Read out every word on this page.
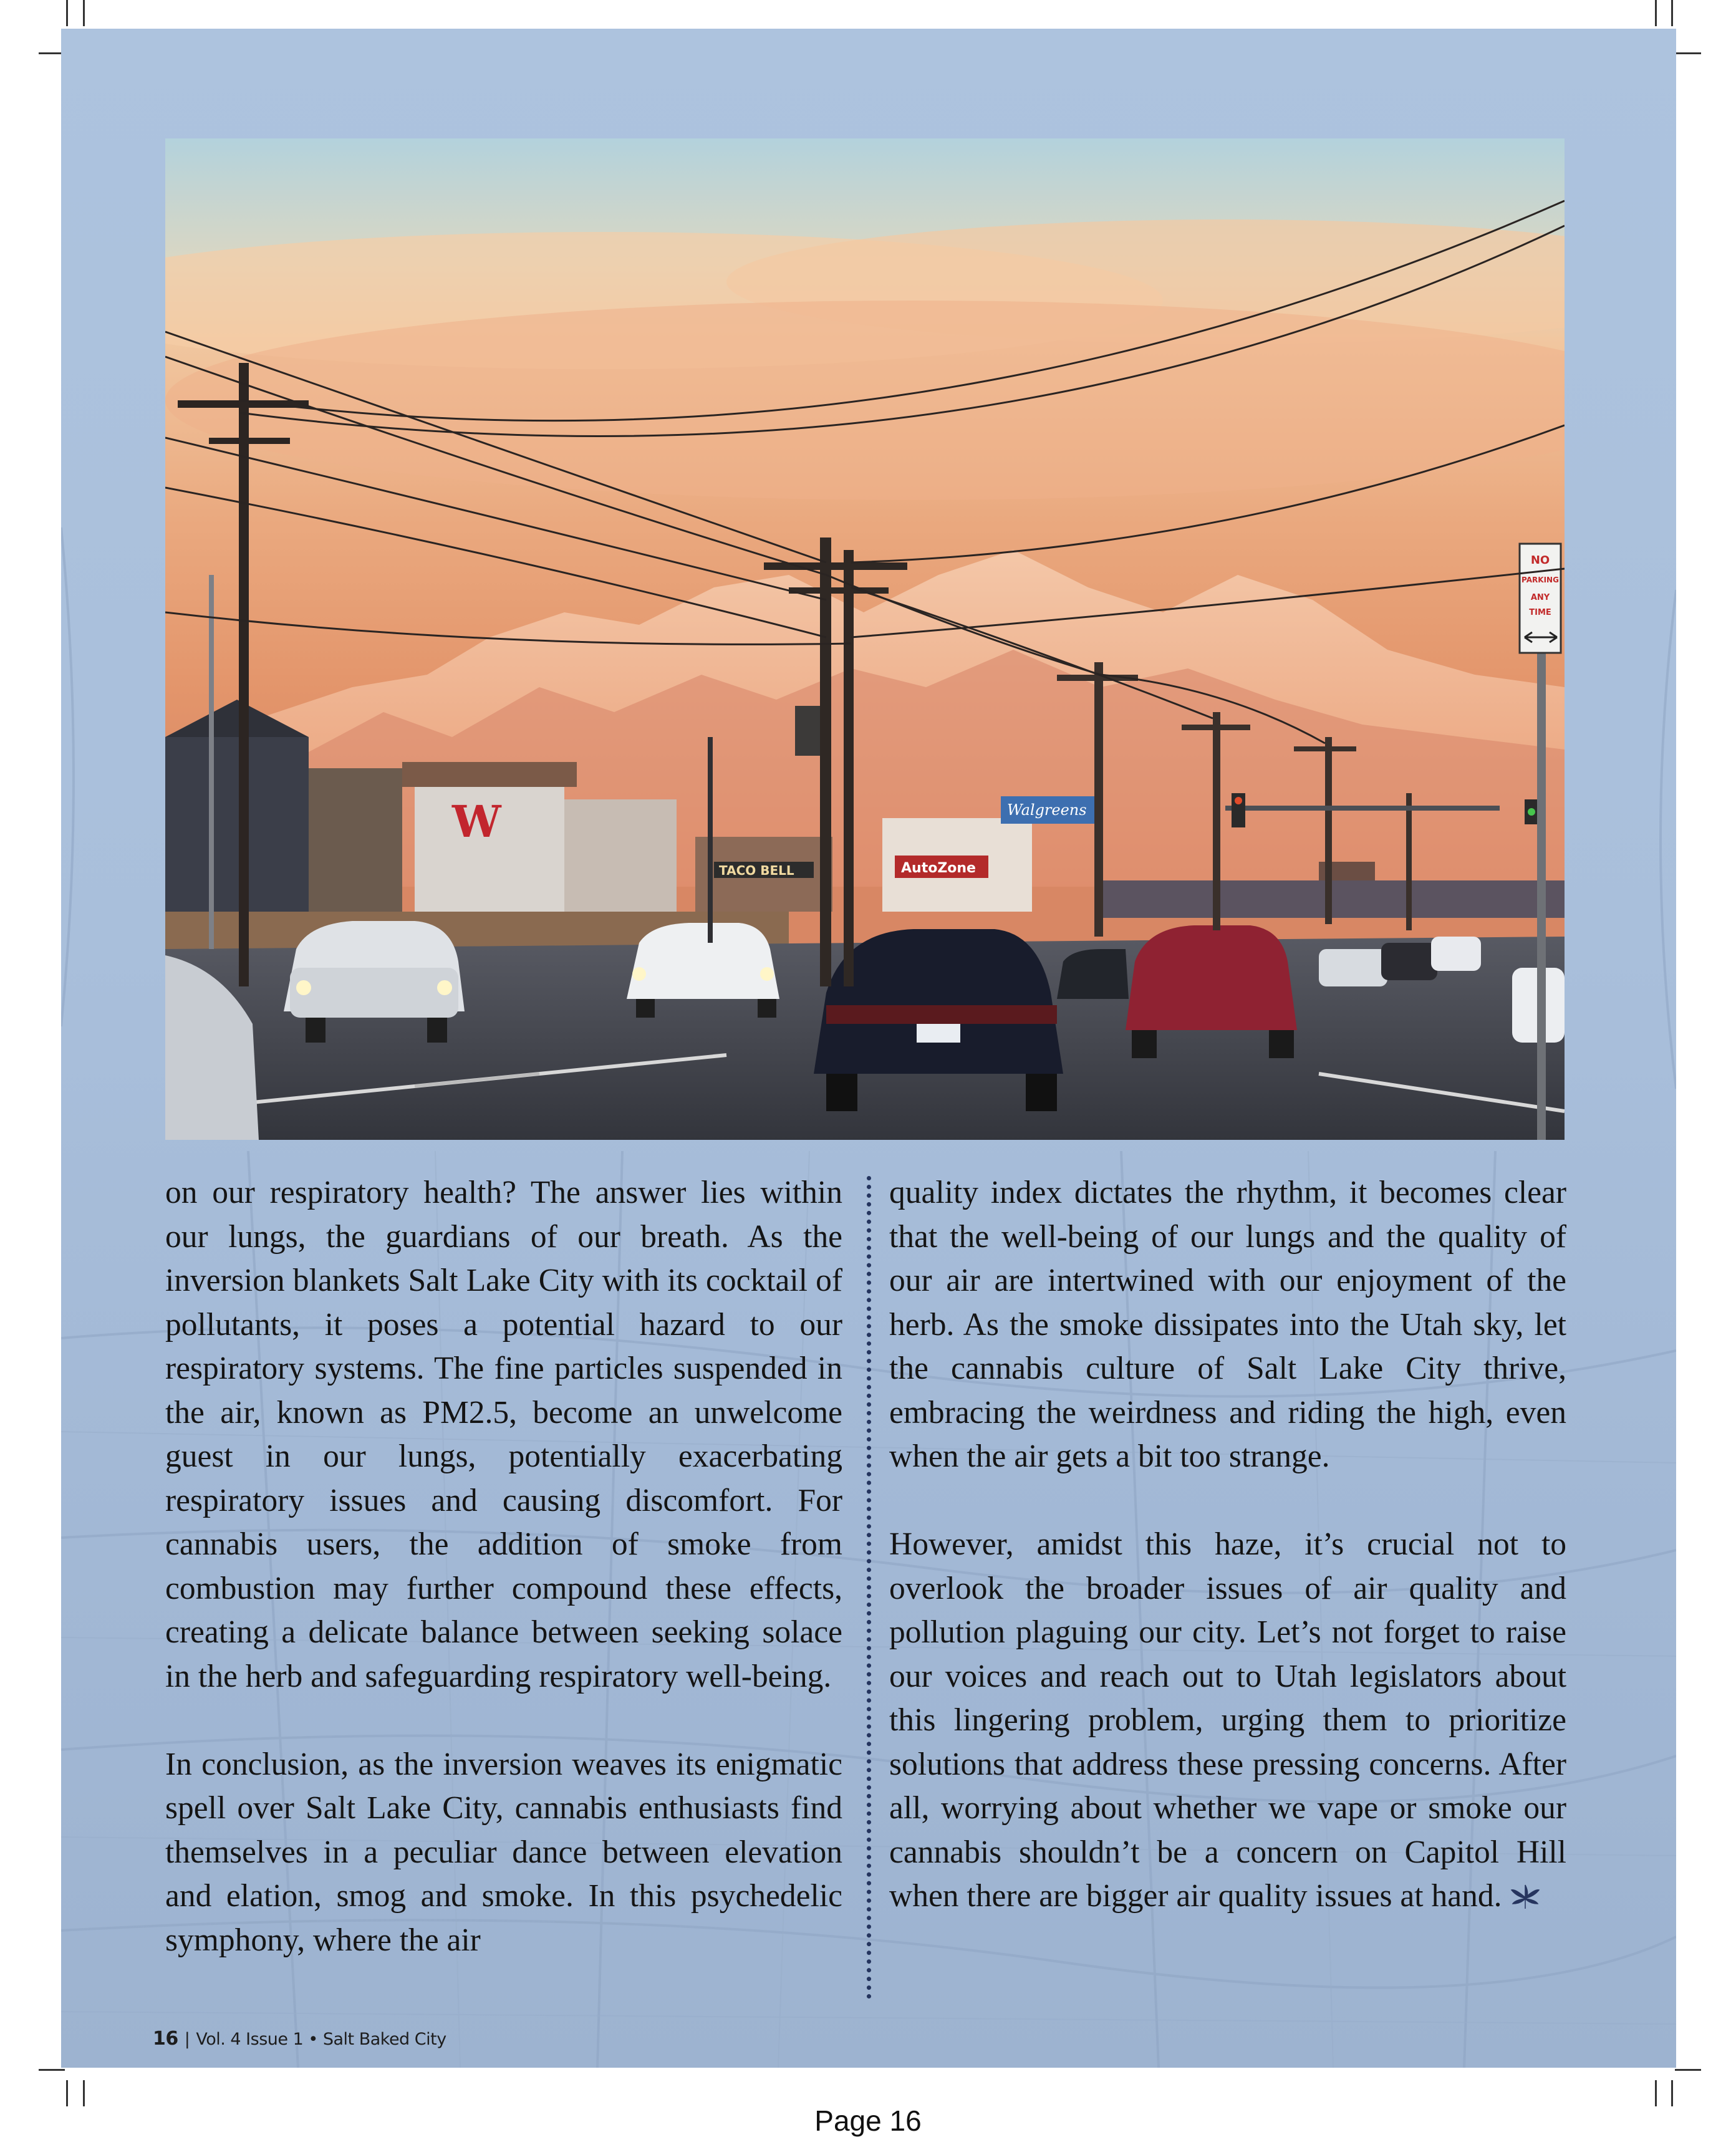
W
TACO BELL	AutoZone
Walgreens
NO
PARKING
ANY
TIME

on our respiratory health? The answer lies within our lungs, the guardians of our breath. As the inversion blankets Salt Lake City with its cocktail of pollutants, it poses a potential hazard to our respiratory systems. The fine particles suspended in the air, known as PM2.5, become an unwelcome guest in our lungs, potentially exacerbating respiratory issues and causing discomfort. For cannabis users, the addition of smoke from combustion may further compound these effects, creating a delicate balance between seeking solace in the herb and safeguarding respiratory well-being.

In conclusion, as the inversion weaves its enigmatic spell over Salt Lake City, cannabis enthusiasts find themselves in a peculiar dance between elevation and elation, smog and smoke. In this psychedelic symphony, where the air

quality index dictates the rhythm, it becomes clear that the well-being of our lungs and the quality of our air are intertwined with our enjoyment of the herb. As the smoke dissipates into the Utah sky, let the cannabis culture of Salt Lake City thrive, embracing the weirdness and riding the high, even when the air gets a bit too strange.

However, amidst this haze, it’s crucial not to overlook the broader issues of air quality and pollution plaguing our city. Let’s not forget to raise our voices and reach out to Utah legislators about this lingering problem, urging them to prioritize solutions that address these pressing concerns. After all, worrying about whether we vape or smoke our cannabis shouldn’t be a concern on Capitol Hill when there are bigger air quality issues at hand.

16 | Vol. 4 Issue 1 • Salt Baked City
Page 16
